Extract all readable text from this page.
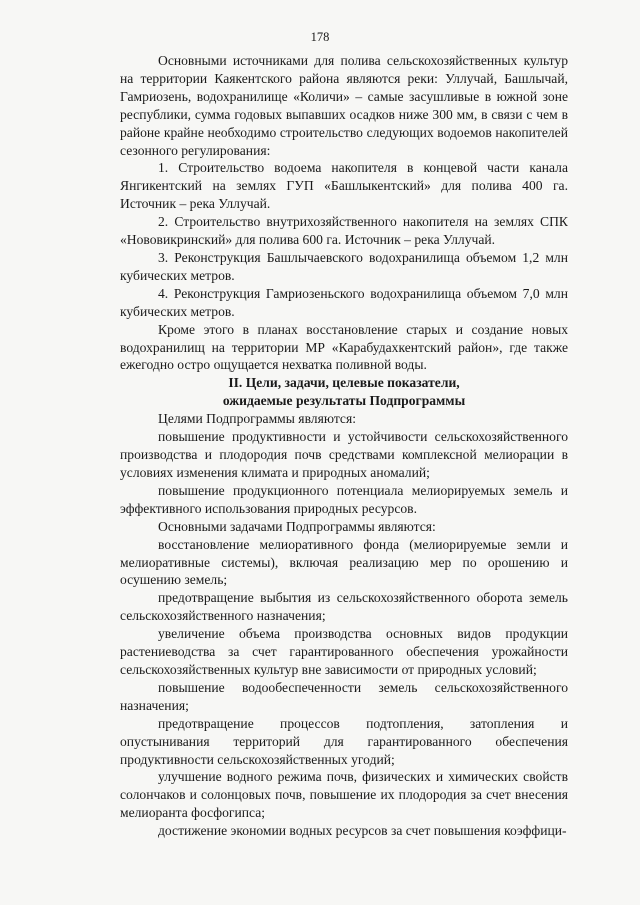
178

Основными источниками для полива сельскохозяйственных культур на территории Каякентского района являются реки: Уллучай, Башлычай, Гамриозень, водохранилище «Количи» – самые засушливые в южной зоне республики, сумма годовых выпавших осадков ниже 300 мм, в связи с чем в районе крайне необходимо строительство следующих водоемов накопителей сезонного регулирования:

1. Строительство водоема накопителя в концевой части канала Янгикентский на землях ГУП «Башлыкентский» для полива 400 га. Источник – река Уллучай.

2. Строительство внутрихозяйственного накопителя на землях СПК «Нововикринский» для полива 600 га. Источник – река Уллучай.

3. Реконструкция Башлычаевского водохранилища объемом 1,2 млн кубических метров.

4. Реконструкция Гамриозеньского водохранилища объемом 7,0 млн кубических метров.

Кроме этого в планах восстановление старых и создание новых водохранилищ на территории МР «Карабудахкентский район», где также ежегодно остро ощущается нехватка поливной воды.

II. Цели, задачи, целевые показатели,
ожидаемые результаты Подпрограммы

Целями Подпрограммы являются:

повышение продуктивности и устойчивости сельскохозяйственного производства и плодородия почв средствами комплексной мелиорации в условиях изменения климата и природных аномалий;

повышение продукционного потенциала мелиорируемых земель и эффективного использования природных ресурсов.

Основными задачами Подпрограммы являются:

восстановление мелиоративного фонда (мелиорируемые земли и мелиоративные системы), включая реализацию мер по орошению и осушению земель;

предотвращение выбытия из сельскохозяйственного оборота земель сельскохозяйственного назначения;

увеличение объема производства основных видов продукции растениеводства за счет гарантированного обеспечения урожайности сельскохозяйственных культур вне зависимости от природных условий;

повышение водообеспеченности земель сельскохозяйственного назначения;

предотвращение процессов подтопления, затопления и опустынивания территорий для гарантированного обеспечения продуктивности сельскохозяйственных угодий;

улучшение водного режима почв, физических и химических свойств солончаков и солонцовых почв, повышение их плодородия за счет внесения мелиоранта фосфогипса;

достижение экономии водных ресурсов за счет повышения коэффици-
